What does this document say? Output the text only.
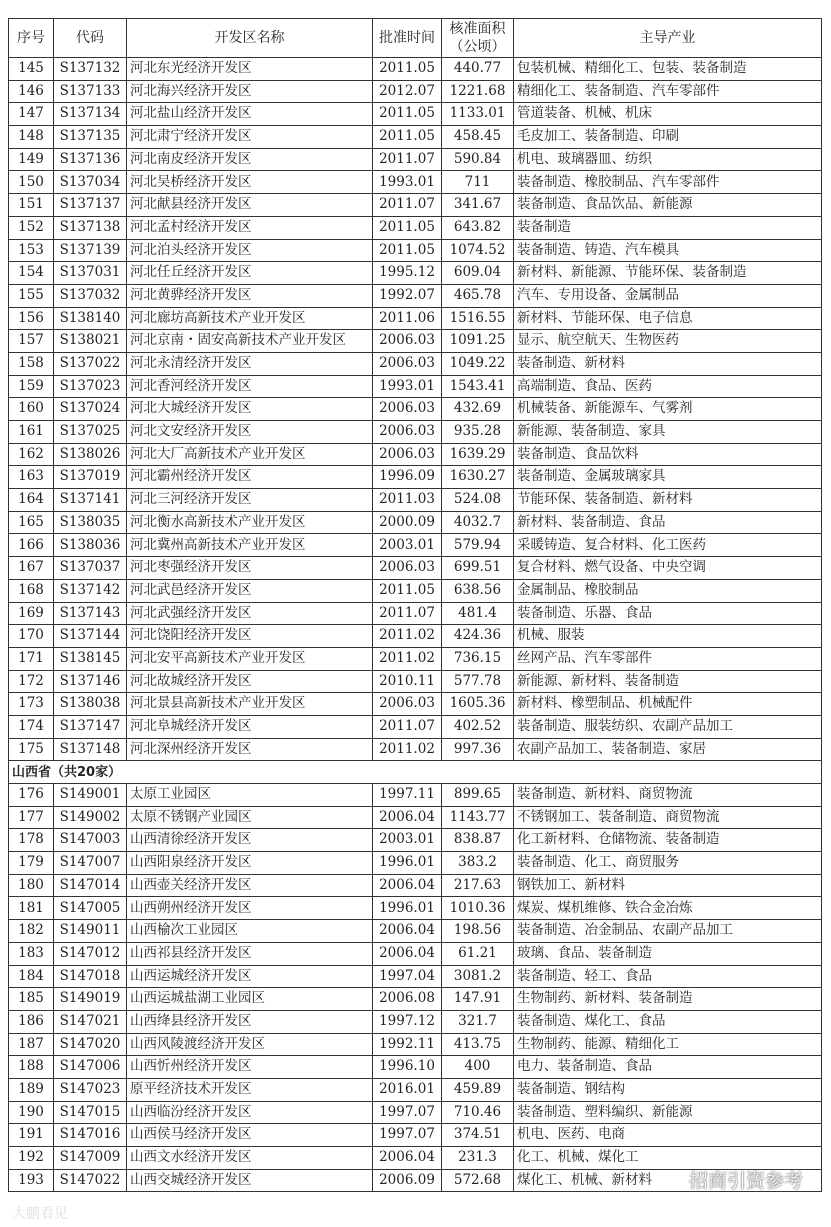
序号	代码	开发区名称	批准时间	核准面积（公顷）	主导产业
145	S137132	河北东光经济开发区	2011.05	440.77	包装机械、精细化工、包装、装备制造
146	S137133	河北海兴经济开发区	2012.07	1221.68	精细化工、装备制造、汽车零部件
147	S137134	河北盐山经济开发区	2011.05	1133.01	管道装备、机械、机床
148	S137135	河北肃宁经济开发区	2011.05	458.45	毛皮加工、装备制造、印刷
149	S137136	河北南皮经济开发区	2011.07	590.84	机电、玻璃器皿、纺织
150	S137034	河北吴桥经济开发区	1993.01	711	装备制造、橡胶制品、汽车零部件
151	S137137	河北献县经济开发区	2011.07	341.67	装备制造、食品饮品、新能源
152	S137138	河北孟村经济开发区	2011.05	643.82	装备制造
153	S137139	河北泊头经济开发区	2011.05	1074.52	装备制造、铸造、汽车模具
154	S137031	河北任丘经济开发区	1995.12	609.04	新材料、新能源、节能环保、装备制造
155	S137032	河北黄骅经济开发区	1992.07	465.78	汽车、专用设备、金属制品
156	S138140	河北廊坊高新技术产业开发区	2011.06	1516.55	新材料、节能环保、电子信息
157	S138021	河北京南・固安高新技术产业开发区	2006.03	1091.25	显示、航空航天、生物医药
158	S137022	河北永清经济开发区	2006.03	1049.22	装备制造、新材料
159	S137023	河北香河经济开发区	1993.01	1543.41	高端制造、食品、医药
160	S137024	河北大城经济开发区	2006.03	432.69	机械装备、新能源车、气雾剂
161	S137025	河北文安经济开发区	2006.03	935.28	新能源、装备制造、家具
162	S138026	河北大厂高新技术产业开发区	2006.03	1639.29	装备制造、食品饮料
163	S137019	河北霸州经济开发区	1996.09	1630.27	装备制造、金属玻璃家具
164	S137141	河北三河经济开发区	2011.03	524.08	节能环保、装备制造、新材料
165	S138035	河北衡水高新技术产业开发区	2000.09	4032.7	新材料、装备制造、食品
166	S138036	河北冀州高新技术产业开发区	2003.01	579.94	采暖铸造、复合材料、化工医药
167	S137037	河北枣强经济开发区	2006.03	699.51	复合材料、燃气设备、中央空调
168	S137142	河北武邑经济开发区	2011.05	638.56	金属制品、橡胶制品
169	S137143	河北武强经济开发区	2011.07	481.4	装备制造、乐器、食品
170	S137144	河北饶阳经济开发区	2011.02	424.36	机械、服装
171	S138145	河北安平高新技术产业开发区	2011.02	736.15	丝网产品、汽车零部件
172	S137146	河北故城经济开发区	2010.11	577.78	新能源、新材料、装备制造
173	S138038	河北景县高新技术产业开发区	2006.03	1605.36	新材料、橡塑制品、机械配件
174	S137147	河北阜城经济开发区	2011.07	402.52	装备制造、服装纺织、农副产品加工
175	S137148	河北深州经济开发区	2011.02	997.36	农副产品加工、装备制造、家居
山西省（共20家）					
176	S149001	太原工业园区	1997.11	899.65	装备制造、新材料、商贸物流
177	S149002	太原不锈钢产业园区	2006.04	1143.77	不锈钢加工、装备制造、商贸物流
178	S147003	山西清徐经济开发区	2003.01	838.87	化工新材料、仓储物流、装备制造
179	S147007	山西阳泉经济开发区	1996.01	383.2	装备制造、化工、商贸服务
180	S147014	山西壶关经济开发区	2006.04	217.63	钢铁加工、新材料
181	S147005	山西朔州经济开发区	1996.01	1010.36	煤炭、煤机维修、铁合金冶炼
182	S149011	山西榆次工业园区	2006.04	198.56	装备制造、冶金制品、农副产品加工
183	S147012	山西祁县经济开发区	2006.04	61.21	玻璃、食品、装备制造
184	S147018	山西运城经济开发区	1997.04	3081.2	装备制造、轻工、食品
185	S149019	山西运城盐湖工业园区	2006.08	147.91	生物制药、新材料、装备制造
186	S147021	山西绛县经济开发区	1997.12	321.7	装备制造、煤化工、食品
187	S147020	山西风陵渡经济开发区	1992.11	413.75	生物制药、能源、精细化工
188	S147006	山西忻州经济开发区	1996.10	400	电力、装备制造、食品
189	S147023	原平经济技术开发区	2016.01	459.89	装备制造、钢结构
190	S147015	山西临汾经济开发区	1997.07	710.46	装备制造、塑料编织、新能源
191	S147016	山西侯马经济开发区	1997.07	374.51	机电、医药、电商
192	S147009	山西文水经济开发区	2006.04	231.3	化工、机械、煤化工
193	S147022	山西交城经济开发区	2006.09	572.68	煤化工、机械、新材料 招商引资参考
大鹏看见
